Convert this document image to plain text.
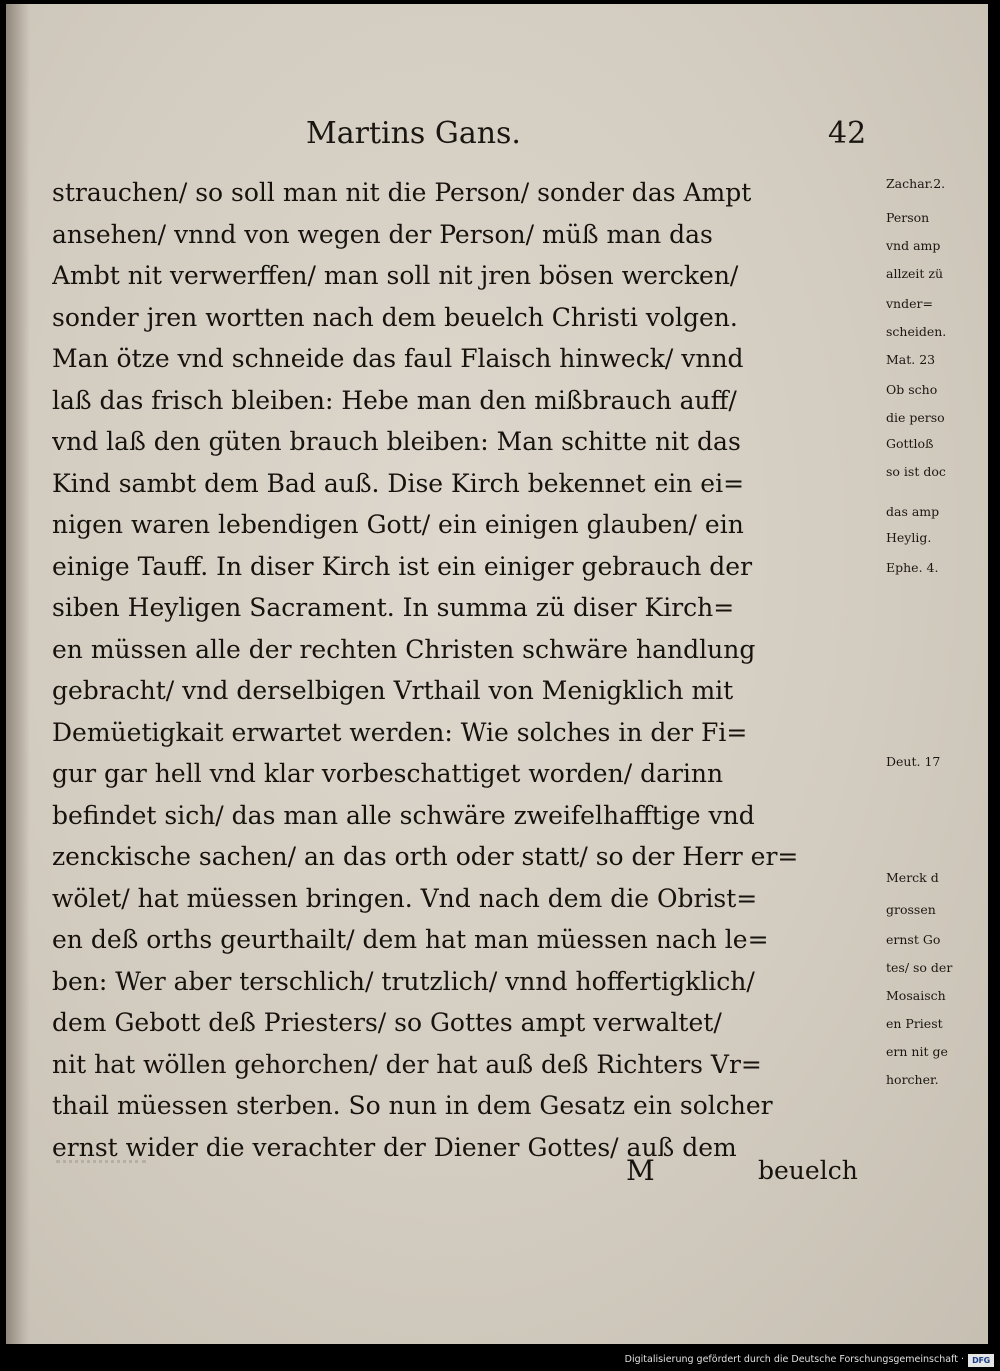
Martins Gans.	42
strauchen/ so soll man nit die Person/ sonder das Ampt
ansehen/ vnnd von wegen der Person/ müß man das
Ambt nit verwerffen/ man soll nit jren bösen wercken/
sonder jren wortten nach dem beuelch Christi volgen.
Man ötze vnd schneide das faul Flaisch hinweck/ vnnd
laß das frisch bleiben: Hebe man den mißbrauch auff/
vnd laß den güten brauch bleiben: Man schitte nit das
Kind sambt dem Bad auß. Dise Kirch bekennet ein ei=
nigen waren lebendigen Gott/ ein einigen glauben/ ein
einige Tauff. In diser Kirch ist ein einiger gebrauch der
siben Heyligen Sacrament. In summa zü diser Kirch=
en müssen alle der rechten Christen schwäre handlung
gebracht/ vnd derselbigen Vrthail von Menigklich mit
Demüetigkait erwartet werden: Wie solches in der Fi=
gur gar hell vnd klar vorbeschattiget worden/ darinn
befindet sich/ das man alle schwäre zweifelhafftige vnd
zenckische sachen/ an das orth oder statt/ so der Herr er=
wölet/ hat müessen bringen. Vnd nach dem die Obrist=
en deß orths geurthailt/ dem hat man müessen nach le=
ben: Wer aber terschlich/ trutzlich/ vnnd hoffertigklich/
dem Gebott deß Priesters/ so Gottes ampt verwaltet/
nit hat wöllen gehorchen/ der hat auß deß Richters Vr=
thail müessen sterben. So nun in dem Gesatz ein solcher
ernst wider die verachter der Diener Gottes/ auß dem
Zachar.2.
Person
vnd amp
allzeit zü
vnder=
scheiden.
Mat. 23
Ob scho
die perso
Gottloß
so ist doc
das amp
Heylig.
Ephe. 4.
Deut. 17
Merck d
grossen
ernst Go
tes/ so der
Mosaisch
en Priest
ern nit ge
horcher.
M	beuelch
Digitalisierung gefördert durch die Deutsche Forschungsgemeinschaft ·	DFG
